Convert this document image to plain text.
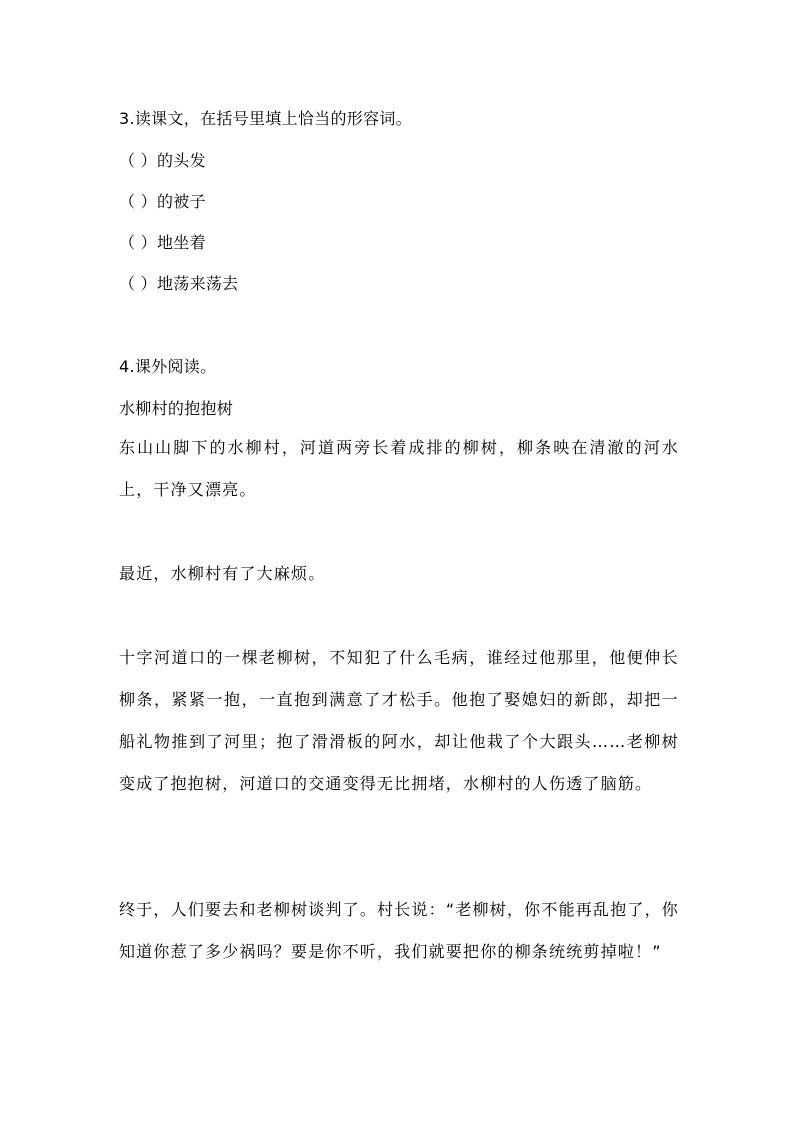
3.读课文，在括号里填上恰当的形容词。
（ ）的头发
（ ）的被子
（ ）地坐着
（ ）地荡来荡去
4.课外阅读。
水柳村的抱抱树

东山山脚下的水柳村，河道两旁长着成排的柳树，柳条映在清澈的河水上，干净又漂亮。

最近，水柳村有了大麻烦。

十字河道口的一棵老柳树，不知犯了什么毛病，谁经过他那里，他便伸长柳条，紧紧一抱，一直抱到满意了才松手。他抱了娶媳妇的新郎，却把一船礼物推到了河里；抱了滑滑板的阿水，却让他栽了个大跟头……老柳树变成了抱抱树，河道口的交通变得无比拥堵，水柳村的人伤透了脑筋。

终于，人们要去和老柳树谈判了。村长说：“老柳树，你不能再乱抱了，你知道你惹了多少祸吗？要是你不听，我们就要把你的柳条统统剪掉啦！”
